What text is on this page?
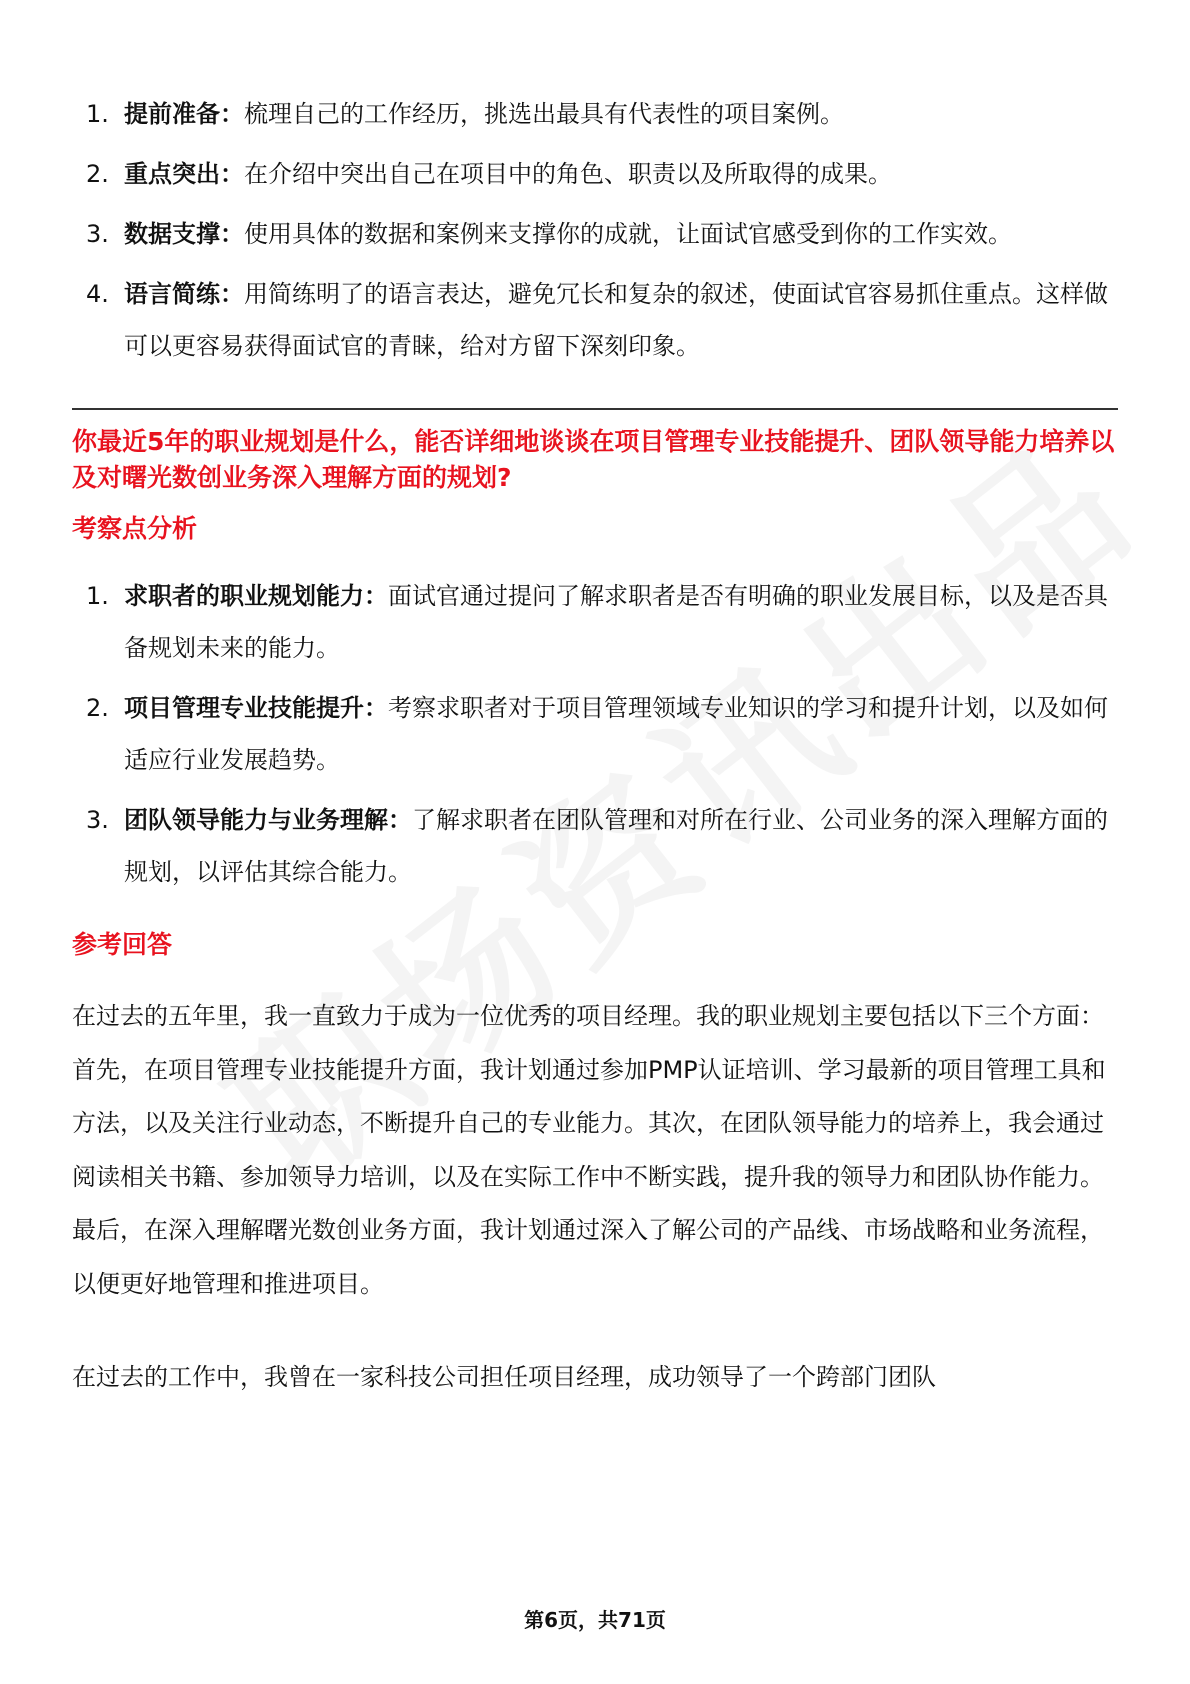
1. 提前准备：梳理自己的工作经历，挑选出最具有代表性的项目案例。
2. 重点突出：在介绍中突出自己在项目中的角色、职责以及所取得的成果。
3. 数据支撑：使用具体的数据和案例来支撑你的成就，让面试官感受到你的工作实效。
4. 语言简练：用简练明了的语言表达，避免冗长和复杂的叙述，使面试官容易抓住重点。这样做可以更容易获得面试官的青睐，给对方留下深刻印象。

你最近5年的职业规划是什么，能否详细地谈谈在项目管理专业技能提升、团队领导能力培养以及对曙光数创业务深入理解方面的规划?

考察点分析
1. 求职者的职业规划能力：面试官通过提问了解求职者是否有明确的职业发展目标，以及是否具备规划未来的能力。
2. 项目管理专业技能提升：考察求职者对于项目管理领域专业知识的学习和提升计划，以及如何适应行业发展趋势。
3. 团队领导能力与业务理解：了解求职者在团队管理和对所在行业、公司业务的深入理解方面的规划，以评估其综合能力。
参考回答

在过去的五年里，我一直致力于成为一位优秀的项目经理。我的职业规划主要包括以下三个方面：首先，在项目管理专业技能提升方面，我计划通过参加PMP认证培训、学习最新的项目管理工具和方法，以及关注行业动态，不断提升自己的专业能力。其次，在团队领导能力的培养上，我会通过阅读相关书籍、参加领导力培训，以及在实际工作中不断实践，提升我的领导力和团队协作能力。最后，在深入理解曙光数创业务方面，我计划通过深入了解公司的产品线、市场战略和业务流程，以便更好地管理和推进项目。

在过去的工作中，我曾在一家科技公司担任项目经理，成功领导了一个跨部门团队

第6页，共71页
